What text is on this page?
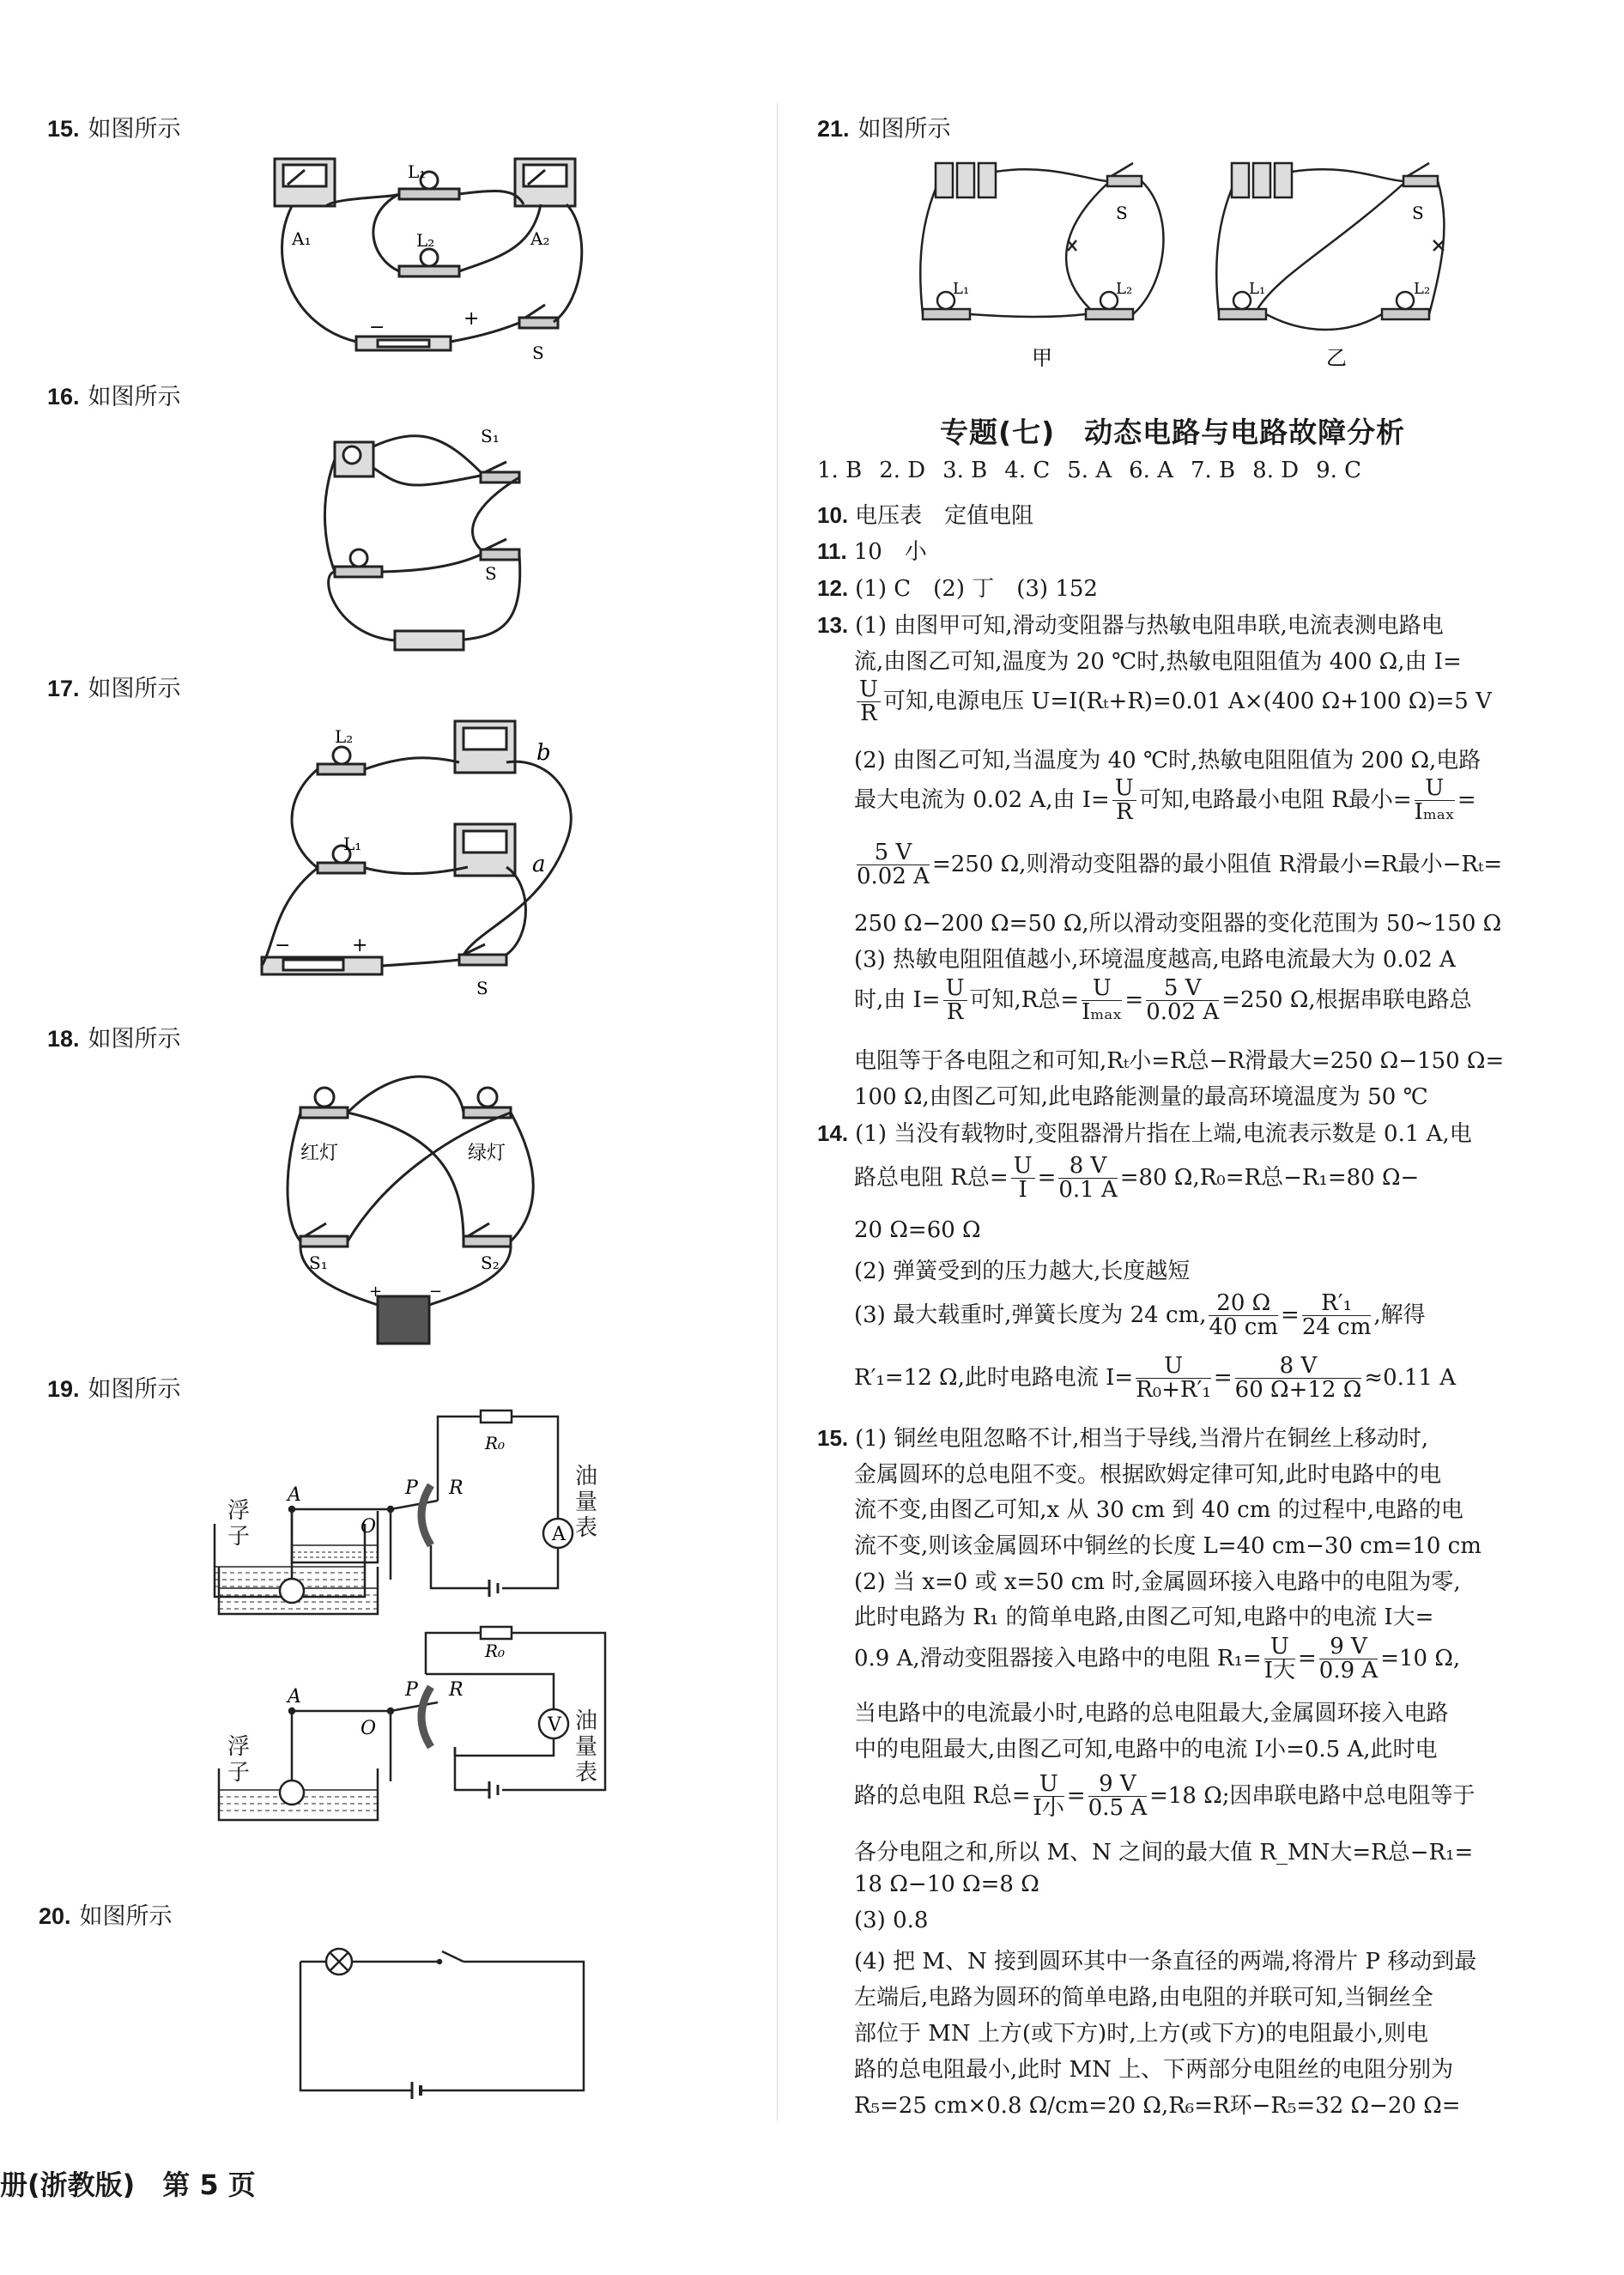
15. 如图所示
16. 如图所示
17. 如图所示
18. 如图所示
19. 如图所示
20. 如图所示
L₁
L₂
A₁	A₂
−	+
S
S₁
S
L₂
L₁
b
a
−	+
S
红灯	绿灯
S₁	S₂
+	−
R₀
R
P
A
O	A
R₀
R
P
A
O	V
浮子
油量表
浮子
油量表
21. 如图所示
L₁	L₂
S
L₁	L₂
S
甲	乙
专题(七)　动态电路与电路故障分析
1. B 2. D 3. B 4. C 5. A 6. A 7. B 8. D 9. C
10. 电压表　定值电阻
11. 10　小
12. (1) C　(2) 丁　(3) 152
13. (1) 由图甲可知,滑动变阻器与热敏电阻串联,电流表测电路电
流,由图乙可知,温度为 20 ℃时,热敏电阻阻值为 400 Ω,由 I=
$\frac{U}{R}$ 可知,电源电压 U=I(Rₜ+R)=0.01 A×(400 Ω+100 Ω)=5 V
(2) 由图乙可知,当温度为 40 ℃时,热敏电阻阻值为 200 Ω,电路
最大电流为 0.02 A,由 $I= \frac{U}{R}$ 可知,电路最小电阻 R最小= $\frac{U}{\text{Iₘₐₓ}}$ =
$\frac{5 V}{0.02 A} =250$ Ω,则滑动变阻器的最小阻值 R滑最小=R最小−Rₜ=
250 Ω−200 Ω=50 Ω,所以滑动变阻器的变化范围为 50~150 Ω
(3) 热敏电阻阻值越小,环境温度越高,电路电流最大为 0.02 A
时,由 $I= \frac{U}{R}$ 可知,R总= $\frac{U}{\text{Iₘₐₓ}} = \frac{5 V}{0.02 A} =250$ Ω,根据串联电路总
电阻等于各电阻之和可知,Rₜ小=R总−R滑最大=250 Ω−150 Ω=
100 Ω,由图乙可知,此电路能测量的最高环境温度为 50 ℃
14. (1) 当没有载物时,变阻器滑片指在上端,电流表示数是 0.1 A,电
路总电阻 R总= $\frac{U}{I} = \frac{8 V}{0.1 A} =80$ Ω,R₀=R总−R₁=80 Ω−
20 Ω=60 Ω
(2) 弹簧受到的压力越大,长度越短
(3) 最大载重时,弹簧长度为 24 cm, $\frac{20 \Omega}{40 cm} = \frac{\text{R′₁}}{24 cm}$ ,解得
R′₁=12 Ω,此时电路电流 $I= \frac{U}{\text{R₀+R′₁}} = \frac{8 V}{60 \Omega+12 \Omega} \approx 0.11$ A
15. (1) 铜丝电阻忽略不计,相当于导线,当滑片在铜丝上移动时,
金属圆环的总电阻不变。根据欧姆定律可知,此时电路中的电
流不变,由图乙可知,x 从 30 cm 到 40 cm 的过程中,电路的电
流不变,则该金属圆环中铜丝的长度 L=40 cm−30 cm=10 cm
(2) 当 x=0 或 x=50 cm 时,金属圆环接入电路中的电阻为零,
此时电路为 R₁ 的简单电路,由图乙可知,电路中的电流 I大=
0.9 A,滑动变阻器接入电路中的电阻 $R_1= \frac{U}{\text{I大}} = \frac{9 V}{0.9 A} =10$ Ω,
当电路中的电流最小时,电路的总电阻最大,金属圆环接入电路
中的电阻最大,由图乙可知,电路中的电流 I小=0.5 A,此时电
路的总电阻 R总= $\frac{U}{\text{I小}} = \frac{9 V}{0.5 A} =18$ Ω;因串联电路中总电阻等于
各分电阻之和,所以 M、N 之间的最大值 R_MN大=R总−R₁=
18 Ω−10 Ω=8 Ω
(3) 0.8
(4) 把 M、N 接到圆环其中一条直径的两端,将滑片 P 移动到最
左端后,电路为圆环的简单电路,由电阻的并联可知,当铜丝全
部位于 MN 上方(或下方)时,上方(或下方)的电阻最小,则电
路的总电阻最小,此时 MN 上、下两部分电阻丝的电阻分别为
R₅=25 cm×0.8 Ω/cm=20 Ω,R₆=R环−R₅=32 Ω−20 Ω=
册(浙教版)　第 5 页
